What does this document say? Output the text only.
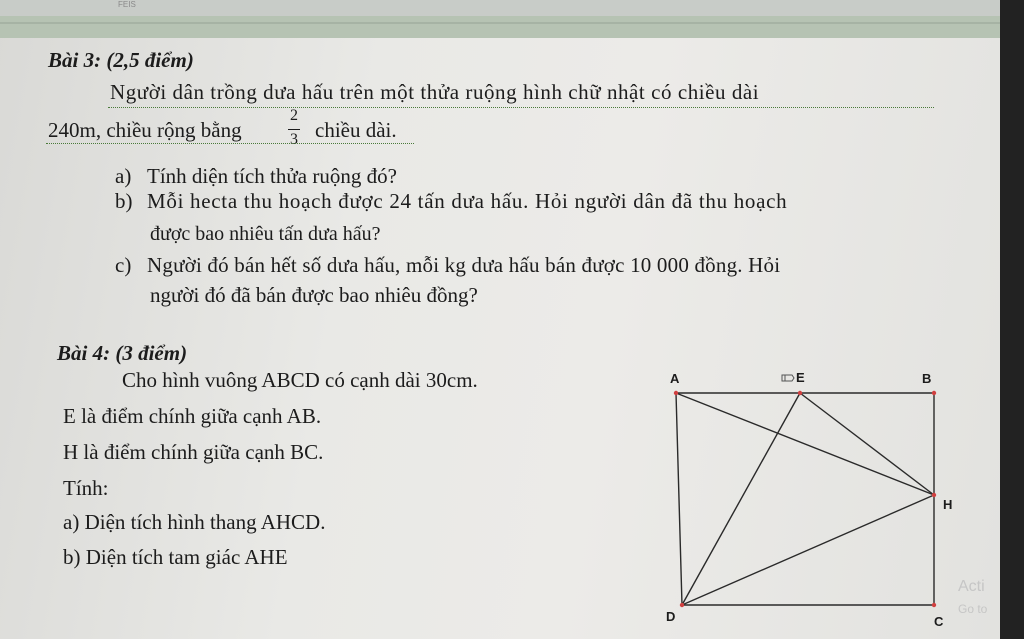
FEIS
Bài 3: (2,5 điểm)
Người dân trồng dưa hấu trên một thửa ruộng hình chữ nhật có chiều dài
240m, chiều rộng bằng
2
3 chiều dài.
a) Tính diện tích thửa ruộng đó?
b) Mỗi hecta thu hoạch được 24 tấn dưa hấu. Hỏi người dân đã thu hoạch
được bao nhiêu tấn dưa hấu?
c) Người đó bán hết số dưa hấu, mỗi kg dưa hấu bán được 10 000 đồng. Hỏi
người đó đã bán được bao nhiêu đồng?
Bài 4: (3 điểm)
Cho hình vuông ABCD có cạnh dài 30cm.
E là điểm chính giữa cạnh AB.
H là điểm chính giữa cạnh BC.
Tính:
a) Diện tích hình thang AHCD.
b) Diện tích tam giác AHE
A	E	B
H
C
D
Acti
Go to
